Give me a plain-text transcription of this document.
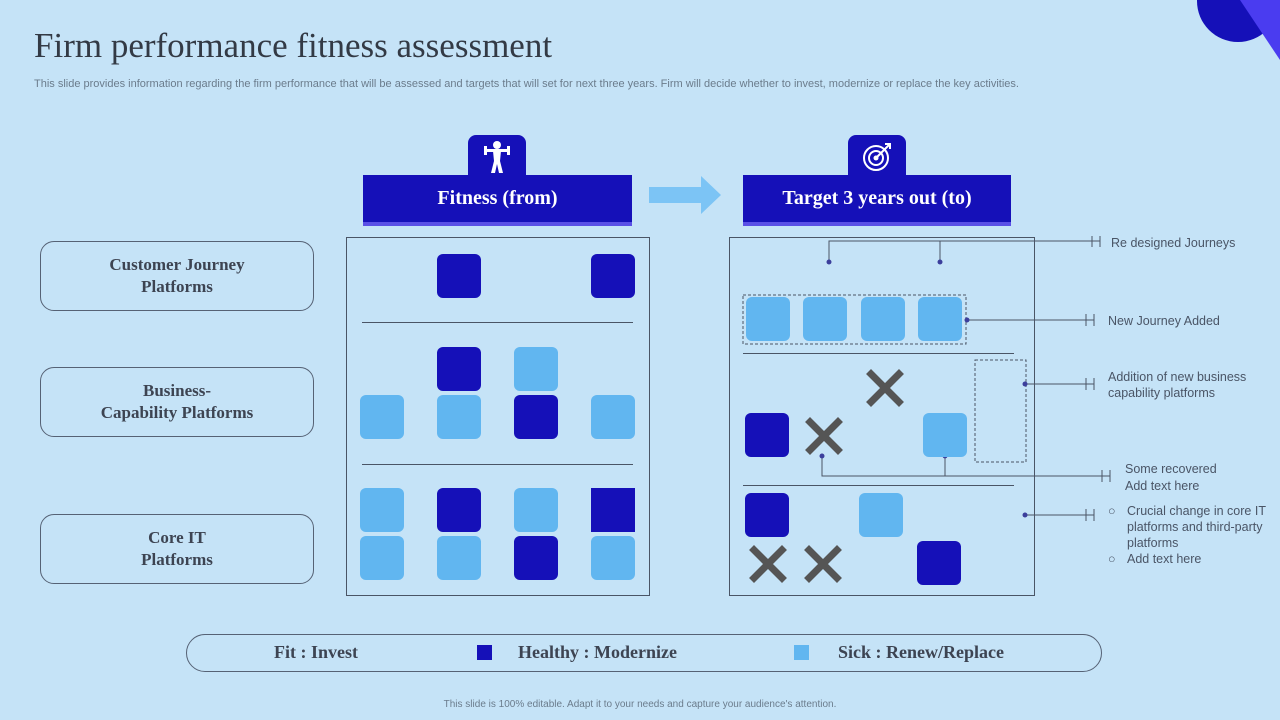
Firm performance fitness assessment
This slide provides information regarding the firm performance that will be assessed and targets that will set for next three years. Firm will decide whether to invest, modernize or replace the key activities.
Customer Journey
Platforms
Business-
Capability Platforms
Core IT
Platforms
Fitness (from)	Target 3 years out (to)
Re designed Journeys
New Journey Added
Addition of new business capability platforms
Some recovered
Add text here
○ Crucial change in core IT platforms and third-party platforms
○ Add text here
Fit : Invest	Healthy : Modernize	Sick : Renew/Replace
This slide is 100% editable. Adapt it to your needs and capture your audience's attention.
